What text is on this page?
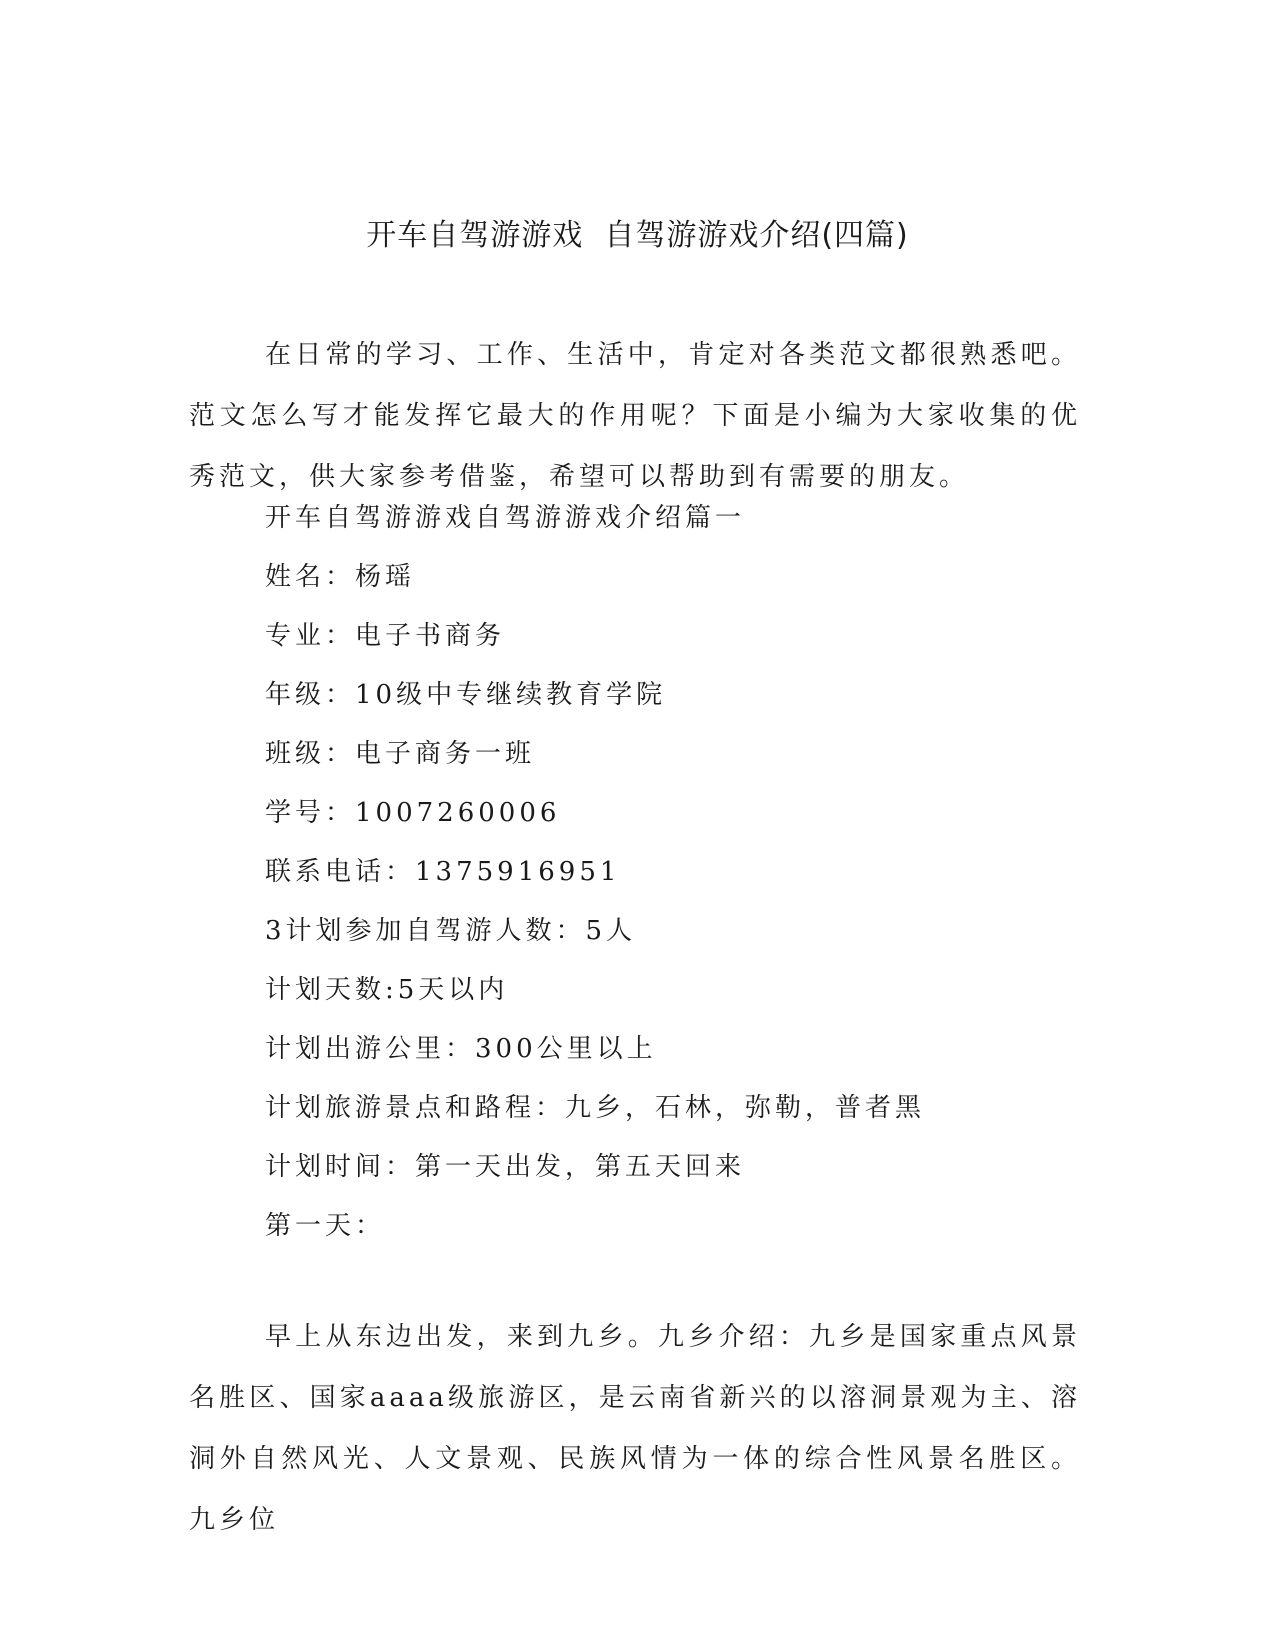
开车自驾游游戏  自驾游游戏介绍(四篇)
在日常的学习、工作、生活中，肯定对各类范文都很熟悉吧。范文怎么写才能发挥它最大的作用呢？下面是小编为大家收集的优秀范文，供大家参考借鉴，希望可以帮助到有需要的朋友。
开车自驾游游戏自驾游游戏介绍篇一
姓名：杨瑶
专业：电子书商务
年级：10级中专继续教育学院
班级：电子商务一班
学号：1007260006
联系电话：1375916951
3计划参加自驾游人数：5人
计划天数:5天以内
计划出游公里：300公里以上
计划旅游景点和路程：九乡，石林，弥勒，普者黑
计划时间：第一天出发，第五天回来
第一天：
早上从东边出发，来到九乡。九乡介绍：九乡是国家重点风景名胜区、国家aaaa级旅游区，是云南省新兴的以溶洞景观为主、溶洞外自然风光、人文景观、民族风情为一体的综合性风景名胜区。九乡位
